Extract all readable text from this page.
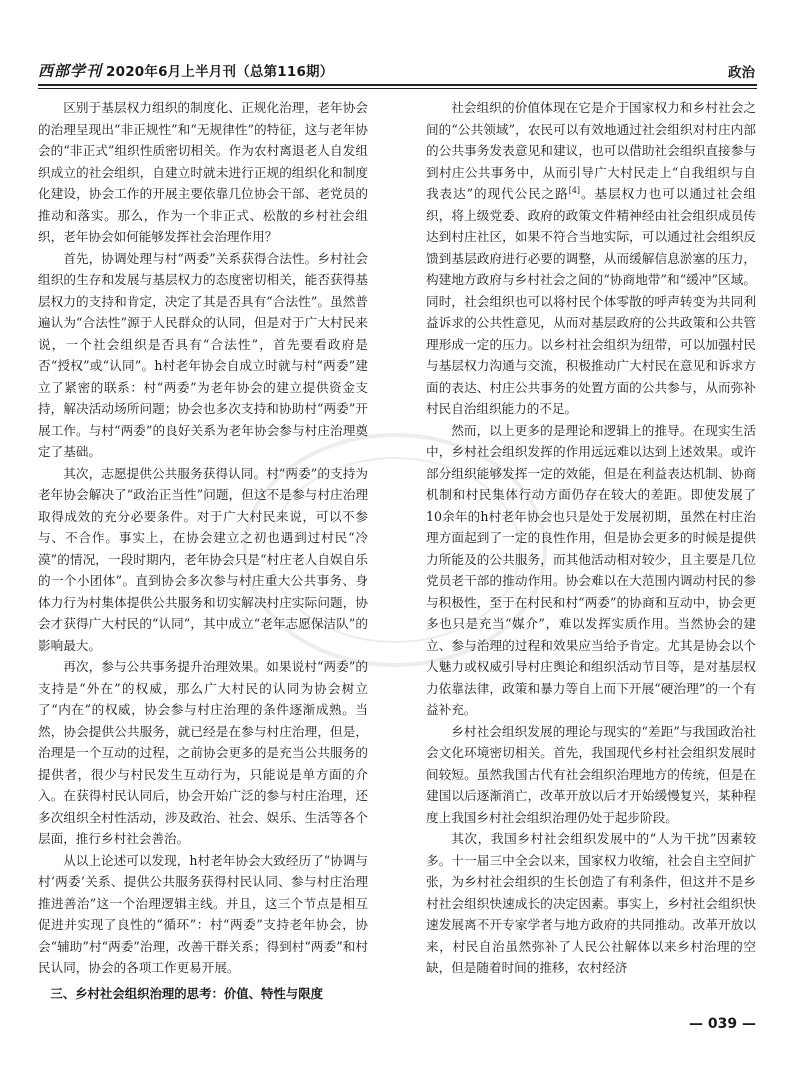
西部学刊 2020年6月上半月刊（总第116期）	政治

区别于基层权力组织的制度化、正规化治理，老年协会的治理呈现出“非正规性”和“无规律性”的特征，这与老年协会的“非正式”组织性质密切相关。作为农村离退老人自发组织成立的社会组织，自建立时就未进行正规的组织化和制度化建设，协会工作的开展主要依靠几位协会干部、老党员的推动和落实。那么，作为一个非正式、松散的乡村社会组织，老年协会如何能够发挥社会治理作用？

首先，协调处理与村“两委”关系获得合法性。乡村社会组织的生存和发展与基层权力的态度密切相关，能否获得基层权力的支持和肯定，决定了其是否具有“合法性”。虽然普遍认为“合法性”源于人民群众的认同，但是对于广大村民来说，一个社会组织是否具有“合法性”，首先要看政府是否“授权”或“认同”。h村老年协会自成立时就与村“两委”建立了紧密的联系：村“两委”为老年协会的建立提供资金支持，解决活动场所问题；协会也多次支持和协助村“两委”开展工作。与村“两委”的良好关系为老年协会参与村庄治理奠定了基础。

其次，志愿提供公共服务获得认同。村“两委”的支持为老年协会解决了“政治正当性”问题，但这不是参与村庄治理取得成效的充分必要条件。对于广大村民来说，可以不参与、不合作。事实上，在协会建立之初也遇到过村民“冷漠”的情况，一段时期内，老年协会只是“村庄老人自娱自乐的一个小团体”。直到协会多次参与村庄重大公共事务、身体力行为村集体提供公共服务和切实解决村庄实际问题，协会才获得广大村民的“认同”，其中成立“老年志愿保洁队”的影响最大。

再次，参与公共事务提升治理效果。如果说村“两委”的支持是“外在”的权威，那么广大村民的认同为协会树立了“内在”的权威，协会参与村庄治理的条件逐渐成熟。当然，协会提供公共服务，就已经是在参与村庄治理，但是，治理是一个互动的过程，之前协会更多的是充当公共服务的提供者，很少与村民发生互动行为，只能说是单方面的介入。在获得村民认同后，协会开始广泛的参与村庄治理，还多次组织全村性活动，涉及政治、社会、娱乐、生活等各个层面，推行乡村社会善治。

从以上论述可以发现，h村老年协会大致经历了“协调与村‘两委’关系、提供公共服务获得村民认同、参与村庄治理推进善治”这一个治理逻辑主线。并且，这三个节点是相互促进并实现了良性的“循环”：村“两委”支持老年协会，协会“辅助”村“两委”治理，改善干群关系；得到村“两委”和村民认同，协会的各项工作更易开展。

三、乡村社会组织治理的思考：价值、特性与限度

社会组织的价值体现在它是介于国家权力和乡村社会之间的“公共领域”，农民可以有效地通过社会组织对村庄内部的公共事务发表意见和建议，也可以借助社会组织直接参与到村庄公共事务中，从而引导广大村民走上“自我组织与自我表达”的现代公民之路[4]。基层权力也可以通过社会组织，将上级党委、政府的政策文件精神经由社会组织成员传达到村庄社区，如果不符合当地实际，可以通过社会组织反馈到基层政府进行必要的调整，从而缓解信息淤塞的压力，构建地方政府与乡村社会之间的“协商地带”和“缓冲”区域。同时，社会组织也可以将村民个体零散的呼声转变为共同利益诉求的公共性意见，从而对基层政府的公共政策和公共管理形成一定的压力。以乡村社会组织为纽带，可以加强村民与基层权力沟通与交流，积极推动广大村民在意见和诉求方面的表达、村庄公共事务的处置方面的公共参与，从而弥补村民自治组织能力的不足。

然而，以上更多的是理论和逻辑上的推导。在现实生活中，乡村社会组织发挥的作用远远难以达到上述效果。或许部分组织能够发挥一定的效能，但是在利益表达机制、协商机制和村民集体行动方面仍存在较大的差距。即使发展了10余年的h村老年协会也只是处于发展初期，虽然在村庄治理方面起到了一定的良性作用，但是协会更多的时候是提供力所能及的公共服务，而其他活动相对较少，且主要是几位党员老干部的推动作用。协会难以在大范围内调动村民的参与积极性，至于在村民和村“两委”的协商和互动中，协会更多也只是充当“媒介”，难以发挥实质作用。当然协会的建立、参与治理的过程和效果应当给予肯定。尤其是协会以个人魅力或权威引导村庄舆论和组织活动节目等，是对基层权力依靠法律，政策和暴力等自上而下开展“硬治理”的一个有益补充。

乡村社会组织发展的理论与现实的“差距”与我国政治社会文化环境密切相关。首先，我国现代乡村社会组织发展时间较短。虽然我国古代有社会组织治理地方的传统，但是在建国以后逐渐消亡，改革开放以后才开始缓慢复兴，某种程度上我国乡村社会组织治理仍处于起步阶段。

其次，我国乡村社会组织发展中的“人为干扰”因素较多。十一届三中全会以来，国家权力收缩，社会自主空间扩张，为乡村社会组织的生长创造了有利条件，但这并不是乡村社会组织快速成长的决定因素。事实上，乡村社会组织快速发展离不开专家学者与地方政府的共同推动。改革开放以来，村民自治虽然弥补了人民公社解体以来乡村治理的空缺，但是随着时间的推移，农村经济

— 039 —
